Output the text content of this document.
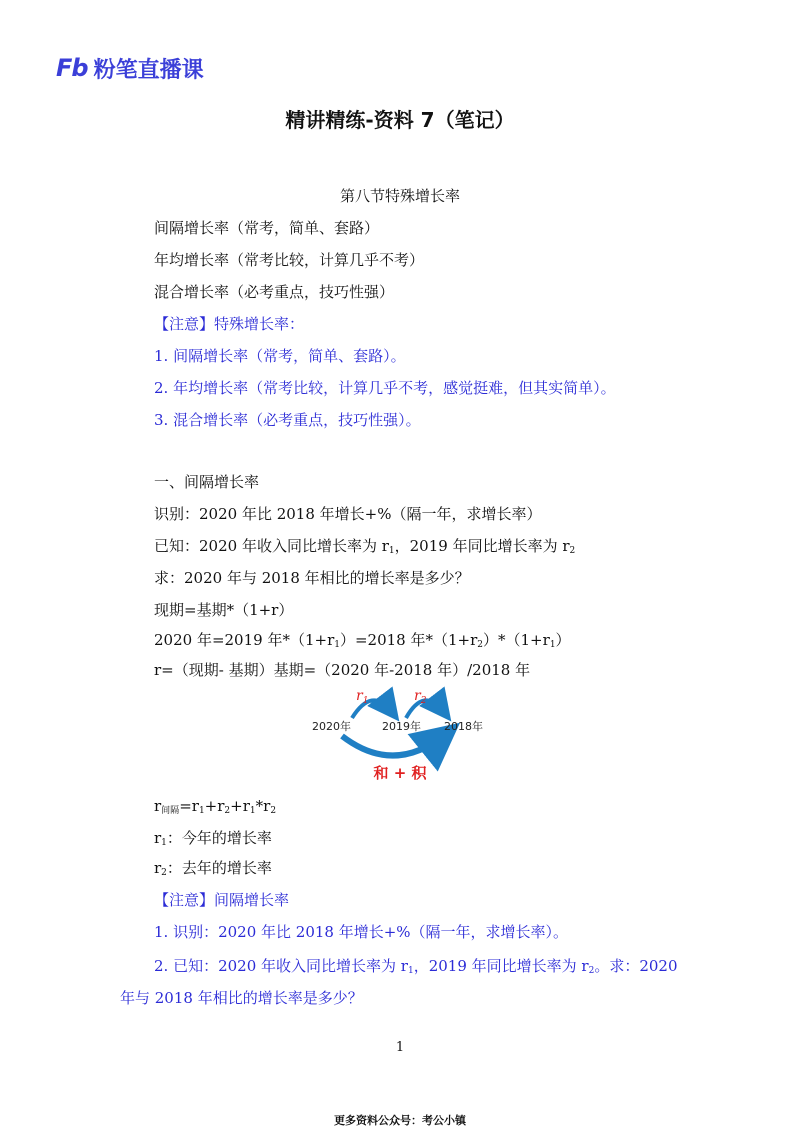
Fb 粉笔直播课
精讲精练-资料 7（笔记）
第八节特殊增长率
间隔增长率（常考，简单、套路）
年均增长率（常考比较，计算几乎不考）
混合增长率（必考重点，技巧性强）
【注意】特殊增长率：
1. 间隔增长率（常考，简单、套路）。
2. 年均增长率（常考比较，计算几乎不考，感觉挺难，但其实简单）。
3. 混合增长率（必考重点，技巧性强）。
一、间隔增长率
识别：2020 年比 2018 年增长+%（隔一年，求增长率）
已知：2020 年收入同比增长率为 $r_1$，2019 年同比增长率为 $r_2$
求：2020 年与 2018 年相比的增长率是多少？
现期=基期*（1+r）
2020 年=2019 年$*(1+r_1)=2018$ 年$*(1+r_2)*(1+r_1)$
r=（现期- 基期）基期=（2020 年-2018 年）/2018 年
$r_1$	$r_2$
2020年	2019年 2018年
和 + 积
$r_{间隔}=r_1+r_2+r_1*r_2$
$r_1$：今年的增长率
$r_2$：去年的增长率
【注意】间隔增长率
1. 识别：2020 年比 2018 年增长+%（隔一年，求增长率）。
2. 已知：2020 年收入同比增长率为 $r_1$，2019 年同比增长率为 $r_2$。求：2020
年与 2018 年相比的增长率是多少？
1
更多资料公众号：考公小镇
